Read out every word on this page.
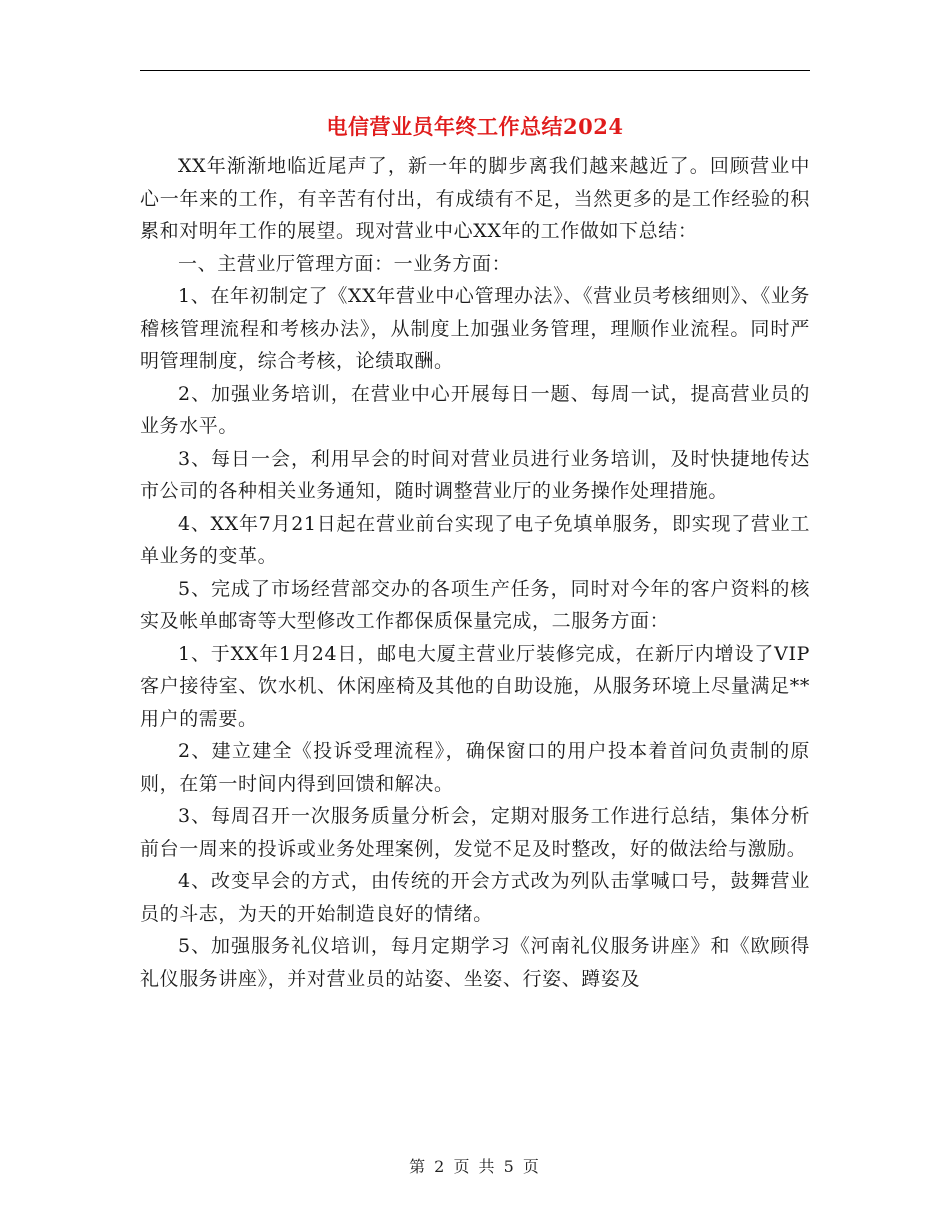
电信营业员年终工作总结2024

XX年渐渐地临近尾声了，新一年的脚步离我们越来越近了。回顾营业中心一年来的工作，有辛苦有付出，有成绩有不足，当然更多的是工作经验的积累和对明年工作的展望。现对营业中心XX年的工作做如下总结：

一、主营业厅管理方面：一业务方面：

1、在年初制定了《XX年营业中心管理办法》、《营业员考核细则》、《业务稽核管理流程和考核办法》，从制度上加强业务管理，理顺作业流程。同时严明管理制度，综合考核，论绩取酬。

2、加强业务培训，在营业中心开展每日一题、每周一试，提高营业员的业务水平。

3、每日一会，利用早会的时间对营业员进行业务培训，及时快捷地传达市公司的各种相关业务通知，随时调整营业厅的业务操作处理措施。

4、XX年7月21日起在营业前台实现了电子免填单服务，即实现了营业工单业务的变革。

5、完成了市场经营部交办的各项生产任务，同时对今年的客户资料的核实及帐单邮寄等大型修改工作都保质保量完成，二服务方面：

1、于XX年1月24日，邮电大厦主营业厅装修完成，在新厅内增设了VIP客户接待室、饮水机、休闲座椅及其他的自助设施，从服务环境上尽量满足**用户的需要。

2、建立建全《投诉受理流程》，确保窗口的用户投本着首问负责制的原则，在第一时间内得到回馈和解决。

3、每周召开一次服务质量分析会，定期对服务工作进行总结，集体分析前台一周来的投诉或业务处理案例，发觉不足及时整改，好的做法给与激励。

4、改变早会的方式，由传统的开会方式改为列队击掌喊口号，鼓舞营业员的斗志，为天的开始制造良好的情绪。

5、加强服务礼仪培训，每月定期学习《河南礼仪服务讲座》和《欧顾得礼仪服务讲座》，并对营业员的站姿、坐姿、行姿、蹲姿及

第 2 页 共 5 页
